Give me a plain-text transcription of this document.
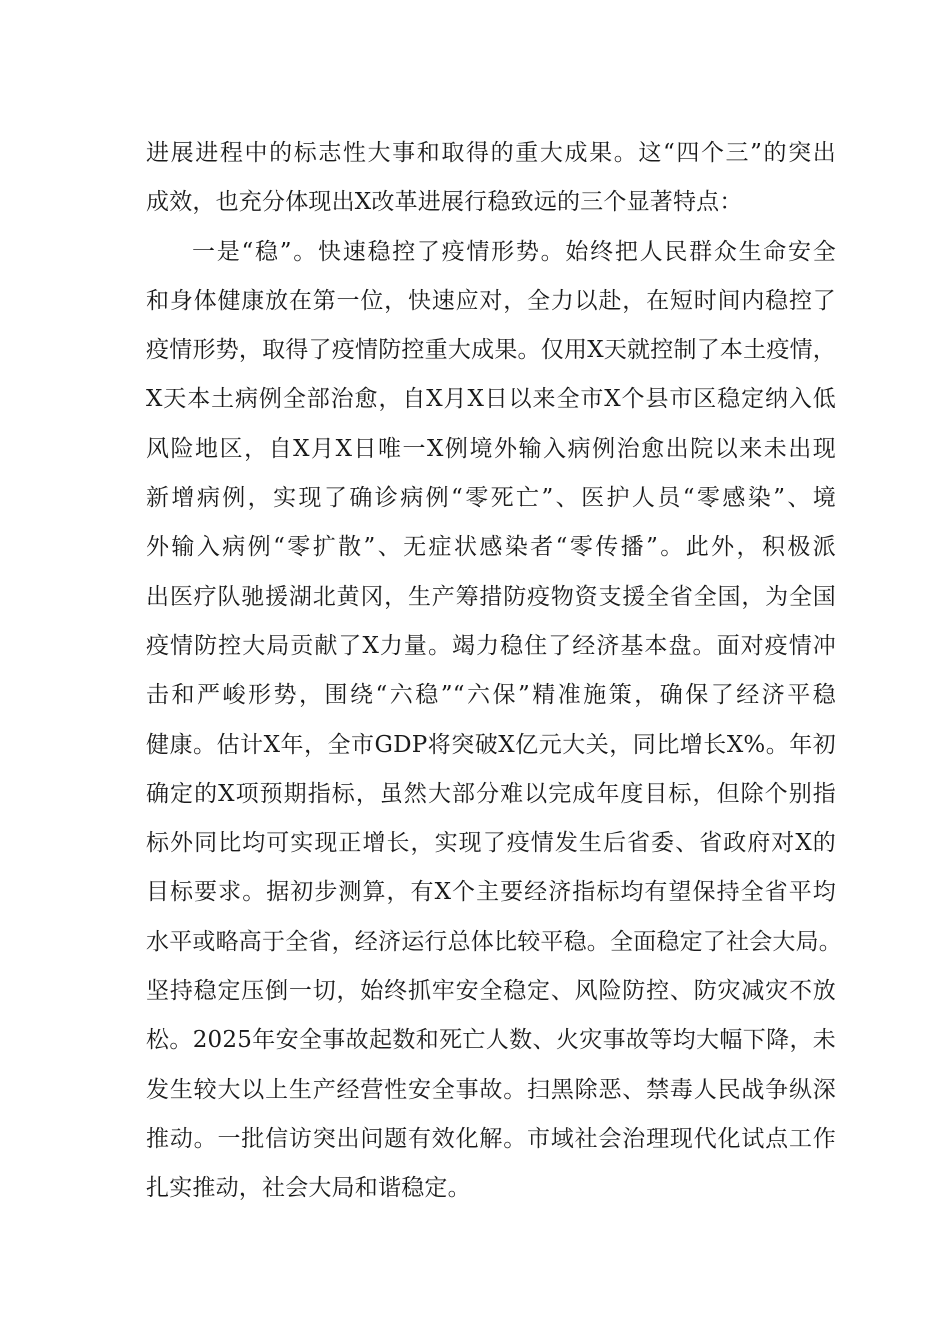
进展进程中的标志性大事和取得的重大成果。这“四个三”的突出
成效，也充分体现出X改革进展行稳致远的三个显著特点：
一是“稳”。快速稳控了疫情形势。始终把人民群众生命安全
和身体健康放在第一位，快速应对，全力以赴，在短时间内稳控了
疫情形势，取得了疫情防控重大成果。仅用X天就控制了本土疫情，
X天本土病例全部治愈，自X月X日以来全市X个县市区稳定纳入低
风险地区，自X月X日唯一X例境外输入病例治愈出院以来未出现
新增病例，实现了确诊病例“零死亡”、医护人员“零感染”、境
外输入病例“零扩散”、无症状感染者“零传播”。此外，积极派
出医疗队驰援湖北黄冈，生产筹措防疫物资支援全省全国，为全国
疫情防控大局贡献了X力量。竭力稳住了经济基本盘。面对疫情冲
击和严峻形势，围绕“六稳”“六保”精准施策，确保了经济平稳
健康。估计X年，全市GDP将突破X亿元大关，同比增长X%。年初
确定的X项预期指标，虽然大部分难以完成年度目标，但除个别指
标外同比均可实现正增长，实现了疫情发生后省委、省政府对X的
目标要求。据初步测算，有X个主要经济指标均有望保持全省平均
水平或略高于全省，经济运行总体比较平稳。全面稳定了社会大局。
坚持稳定压倒一切，始终抓牢安全稳定、风险防控、防灾减灾不放
松。2025年安全事故起数和死亡人数、火灾事故等均大幅下降，未
发生较大以上生产经营性安全事故。扫黑除恶、禁毒人民战争纵深
推动。一批信访突出问题有效化解。市域社会治理现代化试点工作
扎实推动，社会大局和谐稳定。
